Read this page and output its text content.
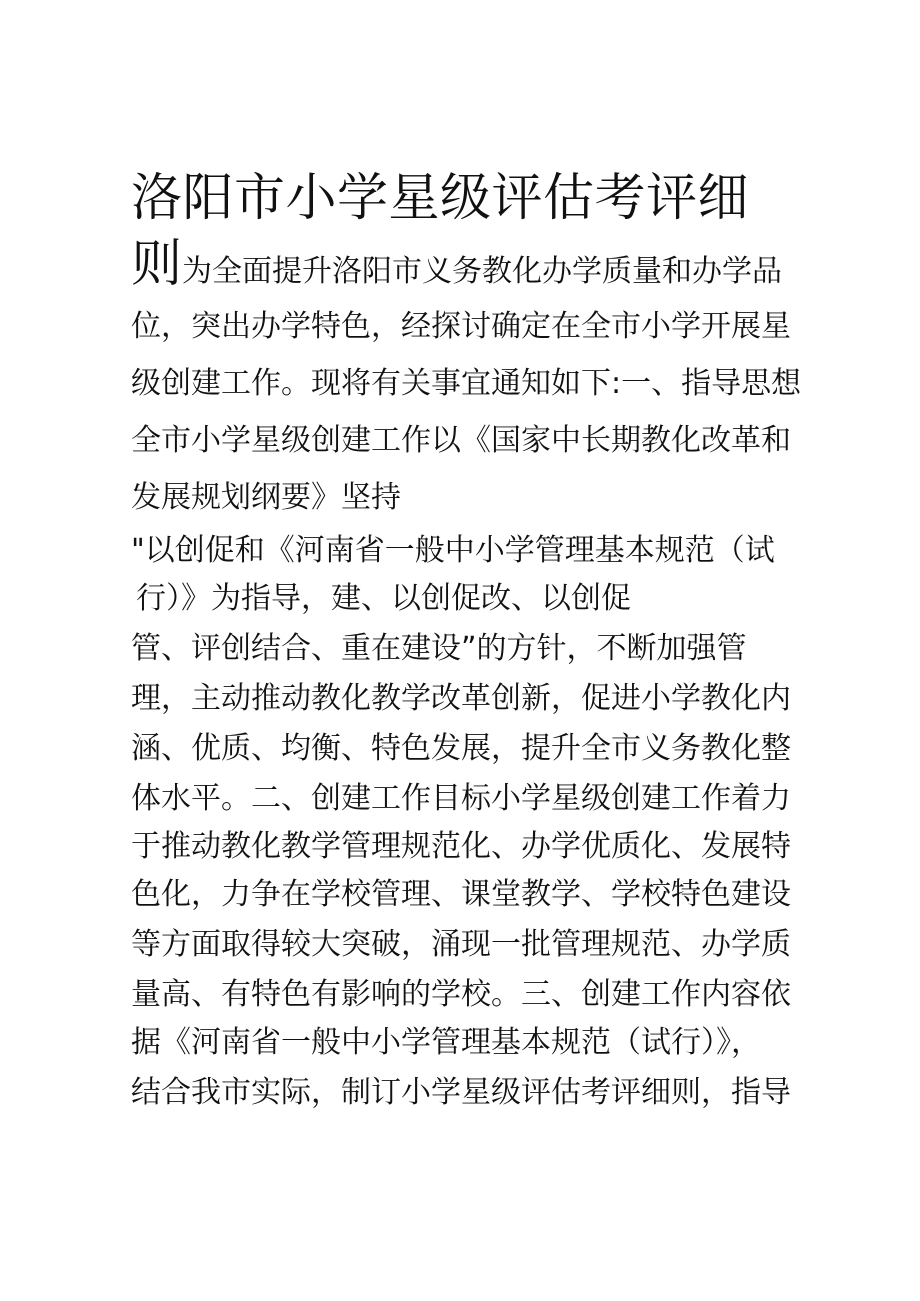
洛阳市小学星级评估考评细
则为全面提升洛阳市义务教化办学质量和办学品
位，突出办学特色，经探讨确定在全市小学开展星
级创建工作。现将有关事宜通知如下:一、指导思想
全市小学星级创建工作以《国家中长期教化改革和
发展规划纲要》坚持
"以创促和《河南省一般中小学管理基本规范（试
行）》为指导，建、以创促改、以创促
管、评创结合、重在建设”的方针，不断加强管
理，主动推动教化教学改革创新，促进小学教化内
涵、优质、均衡、特色发展，提升全市义务教化整
体水平。二、创建工作目标小学星级创建工作着力
于推动教化教学管理规范化、办学优质化、发展特
色化，力争在学校管理、课堂教学、学校特色建设
等方面取得较大突破，涌现一批管理规范、办学质
量高、有特色有影响的学校。三、创建工作内容依
据《河南省一般中小学管理基本规范（试行）》，
结合我市实际，制订小学星级评估考评细则，指导
